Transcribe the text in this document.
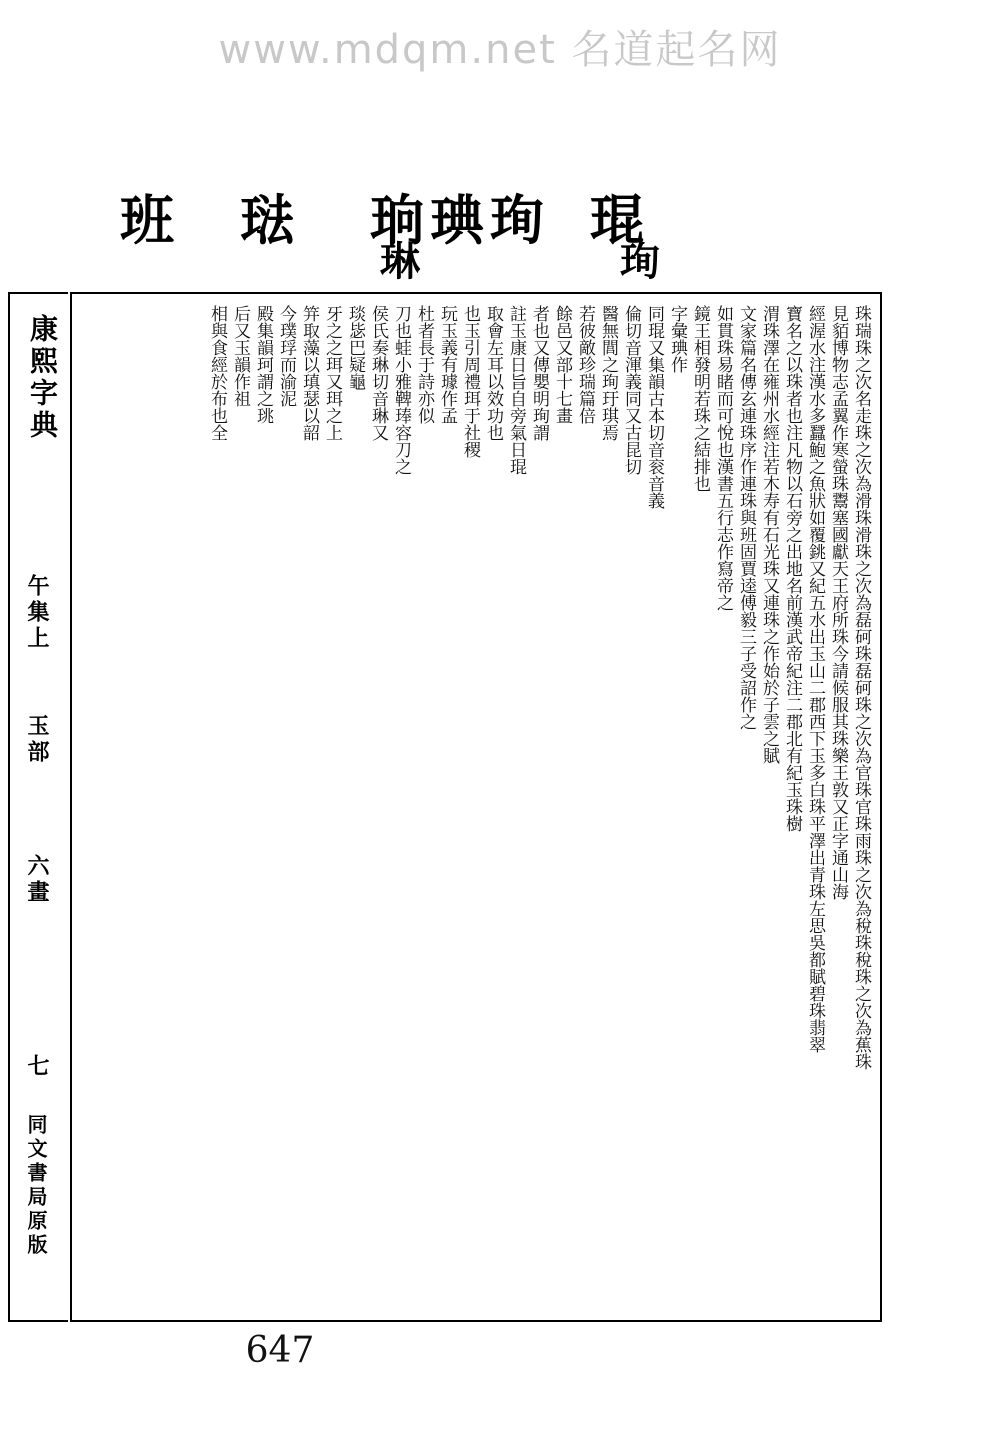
www.mdqm.net 名道起名网
琨
珣
琠
珦
琺
班
珣
琳
康熙字典
午集上
玉部
六畫
七
同文書局原版
珠瑞珠之次名走珠之次為滑珠滑珠之次為磊砢珠磊砢珠之次為官珠官珠雨珠之次為稅珠稅珠之次為蕉珠
見貊博物志孟翼作寒螢珠鬻塞國獻天王府所珠今請候服其珠樂王敦又正字通山海
經渥水注漢水多蠶鮑之魚狀如覆銚又紀五水出玉山二郡西下玉多白珠平澤出青珠左思吳都賦碧珠翡翠
寶名之以珠者也注凡物以石旁之出地名前漢武帝紀注二郡北有紀玉珠樹
渭珠澤在雍州水經注若木寿有石光珠又連珠之作始於子雲之賦
文家篇名傳玄連珠序作連珠與班固賈逵傅毅三子受詔作之
如貫珠易睹而可悅也漢書五行志作寫帝之
鏡王相發明若珠之結排也
字彙琠作
同琨又集韻古本切音衮音義
倫切音渾義同又古昆切
醫無閭之珣玗琪焉
若彼敵珍瑞篇倍
餘邑又部十七畫
者也又傳嬰明珣謂
註玉康日旨自旁氣日琨
取會左耳以效功也
也玉引周禮珥于社稷
玩玉義有璩作孟
杜者長于詩亦似
刀也蛙小雅鞞琫容刀之
侯氏奏琳切音琳又
琰毖巴疑龜
牙之之珥又珥之上
笄取藻以瑱瑟以韶
今璞琈而渝泥
殿集韻珂謂之珧
后又玉韻作祖
相與食經於布也全
647
